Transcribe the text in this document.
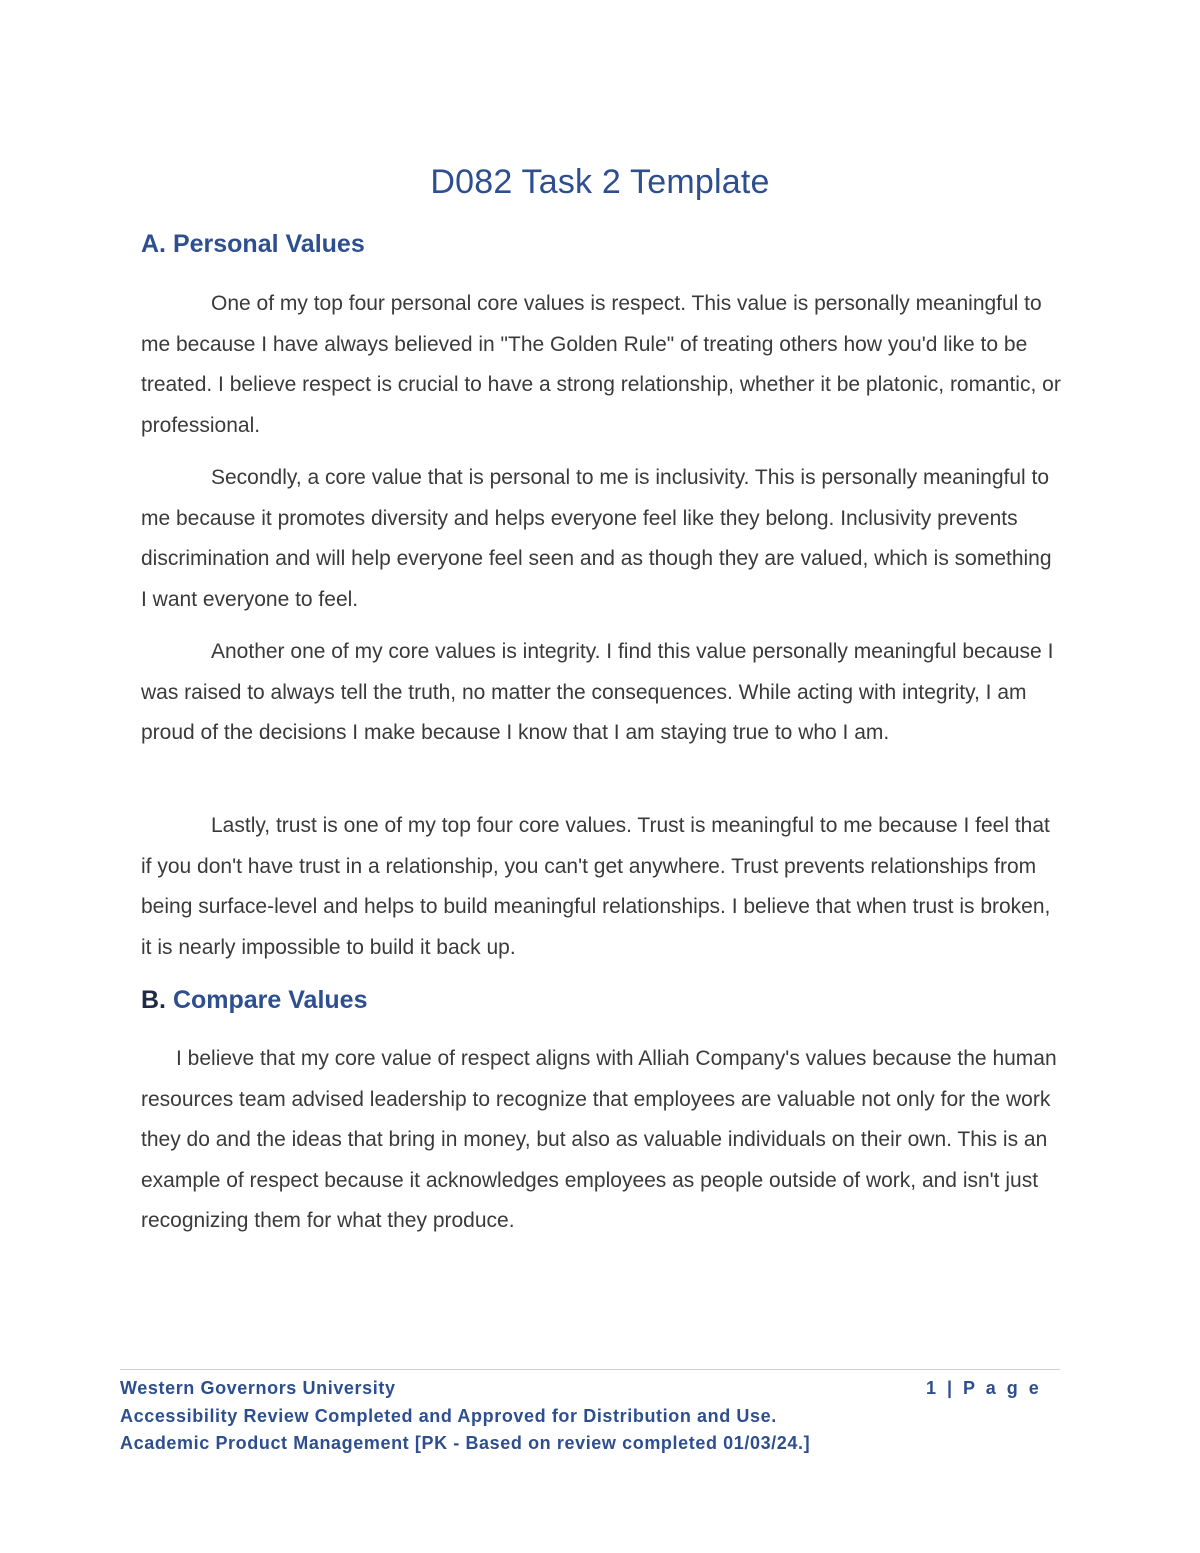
D082 Task 2 Template
A. Personal Values

One of my top four personal core values is respect. This value is personally meaningful to me because I have always believed in "The Golden Rule" of treating others how you'd like to be treated. I believe respect is crucial to have a strong relationship, whether it be platonic, romantic, or professional.

Secondly, a core value that is personal to me is inclusivity. This is personally meaningful to me because it promotes diversity and helps everyone feel like they belong. Inclusivity prevents discrimination and will help everyone feel seen and as though they are valued, which is something I want everyone to feel.

Another one of my core values is integrity. I find this value personally meaningful because I was raised to always tell the truth, no matter the consequences. While acting with integrity, I am proud of the decisions I make because I know that I am staying true to who I am.

Lastly, trust is one of my top four core values. Trust is meaningful to me because I feel that if you don't have trust in a relationship, you can't get anywhere. Trust prevents relationships from being surface-level and helps to build meaningful relationships. I believe that when trust is broken, it is nearly impossible to build it back up.

B. Compare Values

I believe that my core value of respect aligns with Alliah Company's values because the human resources team advised leadership to recognize that employees are valuable not only for the work they do and the ideas that bring in money, but also as valuable individuals on their own. This is an example of respect because it acknowledges employees as people outside of work, and isn't just recognizing them for what they produce.

Western Governors University	1 | P a g e

Accessibility Review Completed and Approved for Distribution and Use.

Academic Product Management [PK - Based on review completed 01/03/24.]
